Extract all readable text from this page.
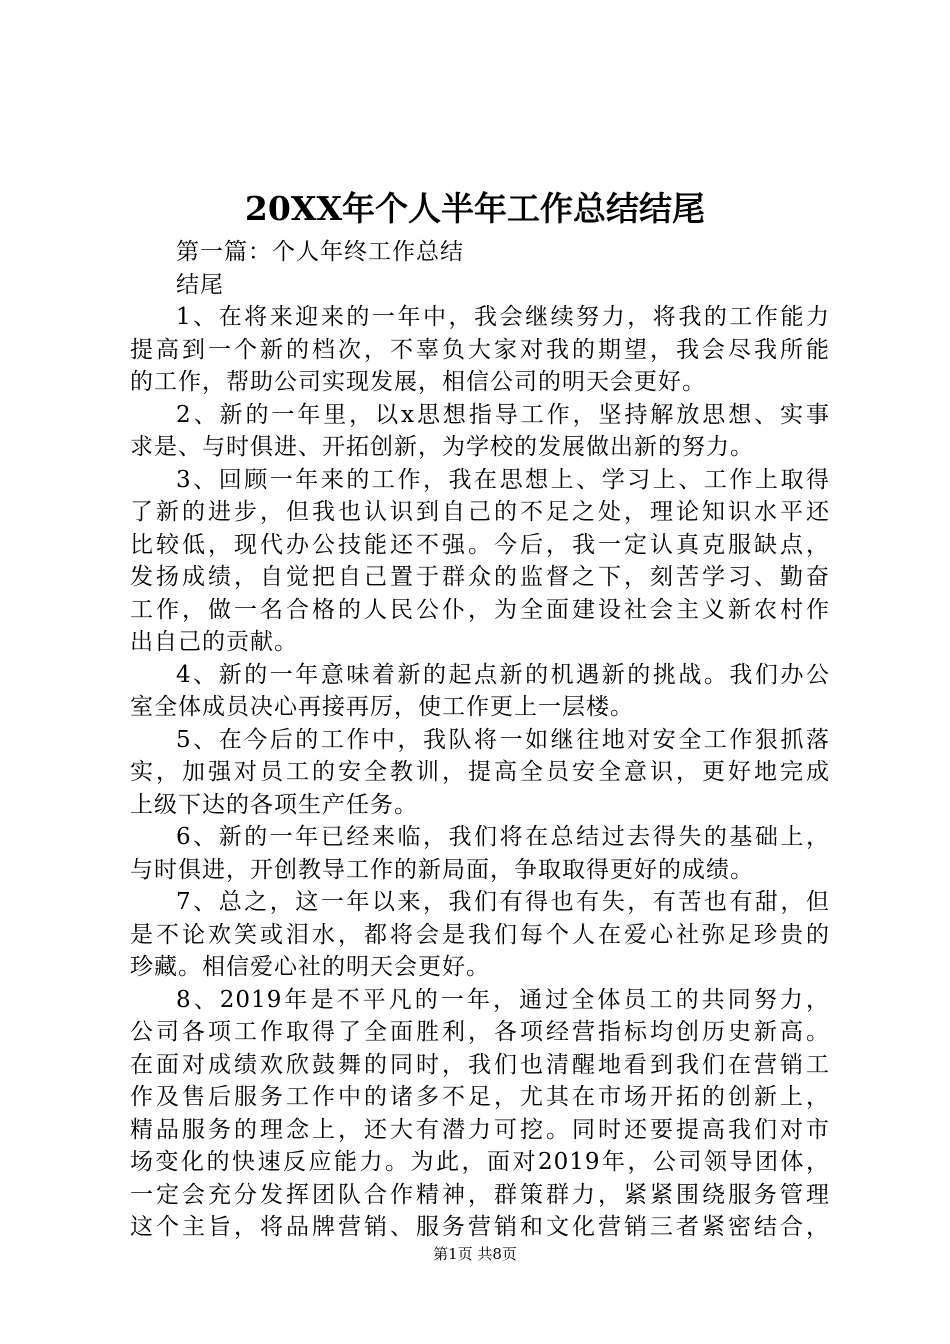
20XX年个人半年工作总结结尾
第一篇：个人年终工作总结
结尾
1、在将来迎来的一年中，我会继续努力，将我的工作能力
提高到一个新的档次，不辜负大家对我的期望，我会尽我所能
的工作，帮助公司实现发展，相信公司的明天会更好。
2、新的一年里，以x思想指导工作，坚持解放思想、实事
求是、与时俱进、开拓创新，为学校的发展做出新的努力。
3、回顾一年来的工作，我在思想上、学习上、工作上取得
了新的进步，但我也认识到自己的不足之处，理论知识水平还
比较低，现代办公技能还不强。今后，我一定认真克服缺点，
发扬成绩，自觉把自己置于群众的监督之下，刻苦学习、勤奋
工作，做一名合格的人民公仆，为全面建设社会主义新农村作
出自己的贡献。
4、新的一年意味着新的起点新的机遇新的挑战。我们办公
室全体成员决心再接再厉，使工作更上一层楼。
5、在今后的工作中，我队将一如继往地对安全工作狠抓落
实，加强对员工的安全教训，提高全员安全意识，更好地完成
上级下达的各项生产任务。
6、新的一年已经来临，我们将在总结过去得失的基础上，
与时俱进，开创教导工作的新局面，争取取得更好的成绩。
7、总之，这一年以来，我们有得也有失，有苦也有甜，但
是不论欢笑或泪水，都将会是我们每个人在爱心社弥足珍贵的
珍藏。相信爱心社的明天会更好。
8、2019年是不平凡的一年，通过全体员工的共同努力，
公司各项工作取得了全面胜利，各项经营指标均创历史新高。
在面对成绩欢欣鼓舞的同时，我们也清醒地看到我们在营销工
作及售后服务工作中的诸多不足，尤其在市场开拓的创新上，
精品服务的理念上，还大有潜力可挖。同时还要提高我们对市
场变化的快速反应能力。为此，面对2019年，公司领导团体，
一定会充分发挥团队合作精神，群策群力，紧紧围绕服务管理
这个主旨，将品牌营销、服务营销和文化营销三者紧密结合，
第1页 共8页
